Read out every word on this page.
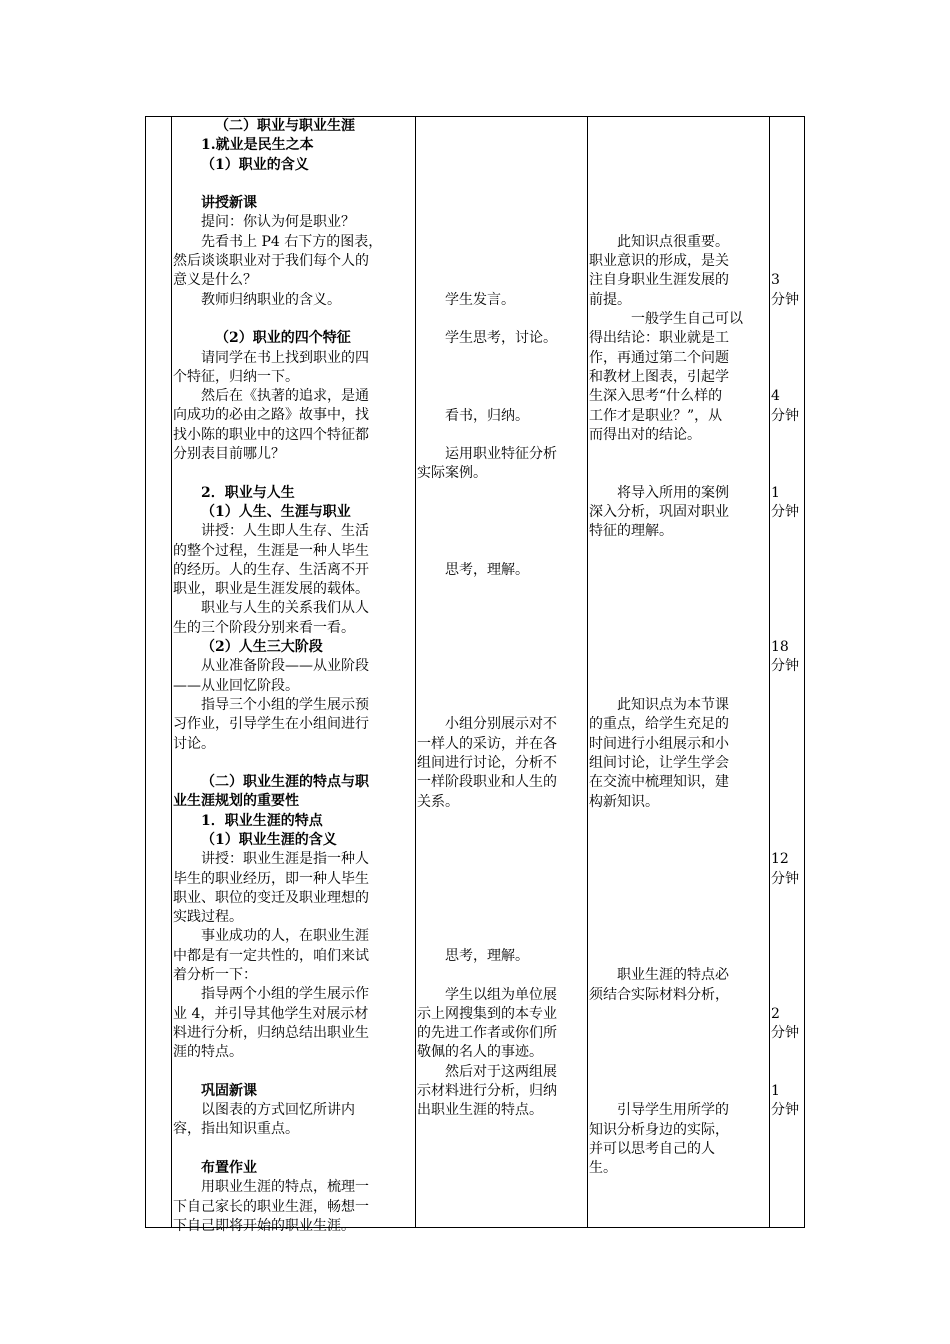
（二）职业与职业生涯
1.就业是民生之本
（1）职业的含义
讲授新课
提问：你认为何是职业？
先看书上 P4 右下方的图表，
然后谈谈职业对于我们每个人的
意义是什么？
教师归纳职业的含义。
（2）职业的四个特征
请同学在书上找到职业的四
个特征，归纳一下。
然后在《执著的追求，是通
向成功的必由之路》故事中，找
找小陈的职业中的这四个特征都
分别表目前哪儿？
2．职业与人生
（1）人生、生涯与职业
讲授：人生即人生存、生活
的整个过程，生涯是一种人毕生
的经历。人的生存、生活离不开
职业，职业是生涯发展的载体。
职业与人生的关系我们从人
生的三个阶段分别来看一看。
（2）人生三大阶段
从业准备阶段——从业阶段
——从业回忆阶段。
指导三个小组的学生展示预
习作业，引导学生在小组间进行
讨论。
（二）职业生涯的特点与职
业生涯规划的重要性
1．职业生涯的特点
（1）职业生涯的含义
讲授：职业生涯是指一种人
毕生的职业经历，即一种人毕生
职业、职位的变迁及职业理想的
实践过程。
事业成功的人，在职业生涯
中都是有一定共性的，咱们来试
着分析一下：
指导两个小组的学生展示作
业 4，并引导其他学生对展示材
料进行分析，归纳总结出职业生
涯的特点。
巩固新课
以图表的方式回忆所讲内
容，指出知识重点。
布置作业
用职业生涯的特点，梳理一
下自己家长的职业生涯，畅想一
下自己即将开始的职业生涯。
学生发言。
学生思考，讨论。
看书，归纳。
运用职业特征分析
实际案例。
思考，理解。
小组分别展示对不
一样人的采访，并在各
组间进行讨论，分析不
一样阶段职业和人生的
关系。
思考，理解。
学生以组为单位展
示上网搜集到的本专业
的先进工作者或你们所
敬佩的名人的事迹。
然后对于这两组展
示材料进行分析，归纳
出职业生涯的特点。
此知识点很重要。
职业意识的形成，是关
注自身职业生涯发展的
前提。
一般学生自己可以
得出结论：职业就是工
作，再通过第二个问题
和教材上图表，引起学
生深入思考“什么样的
工作才是职业？”，从
而得出对的结论。
将导入所用的案例
深入分析，巩固对职业
特征的理解。
此知识点为本节课
的重点，给学生充足的
时间进行小组展示和小
组间讨论，让学生学会
在交流中梳理知识，建
构新知识。
职业生涯的特点必
须结合实际材料分析，
引导学生用所学的
知识分析身边的实际，
并可以思考自己的人
生。
3
分钟
4
分钟
1
分钟
18
分钟
12
分钟
2
分钟
1
分钟
